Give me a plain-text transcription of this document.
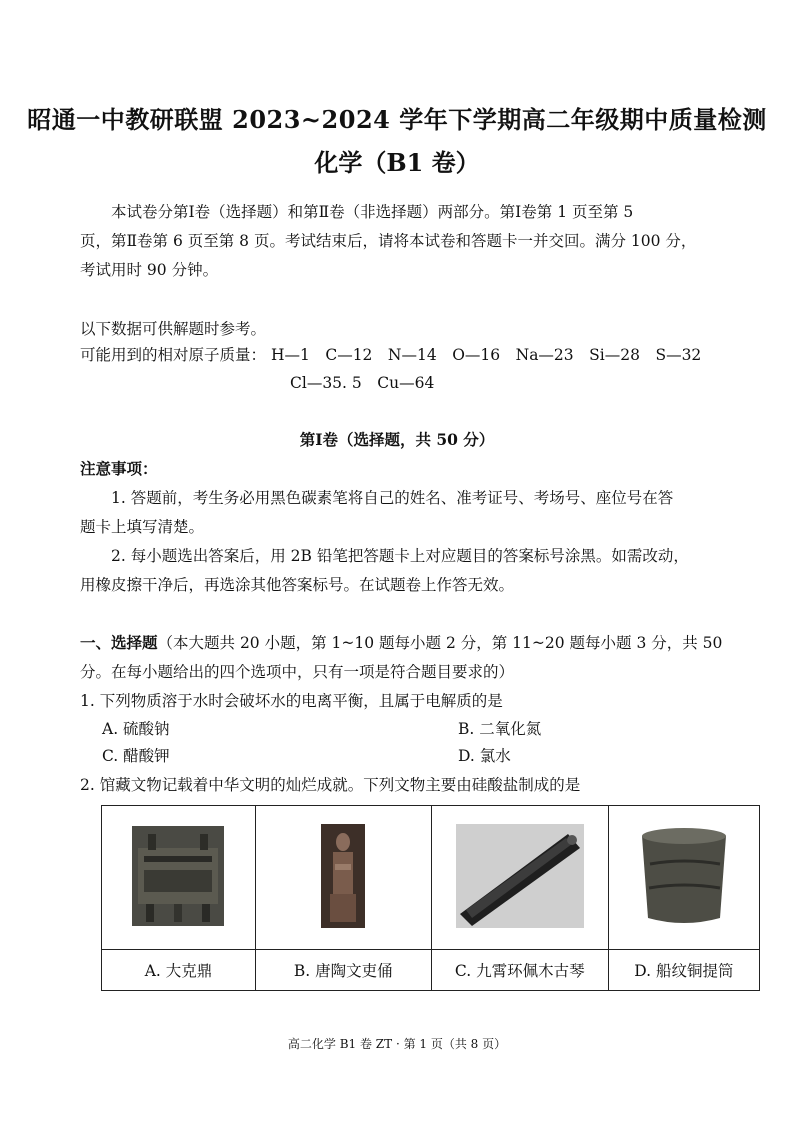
昭通一中教研联盟 2023~2024 学年下学期高二年级期中质量检测
化学（B1 卷）
本试卷分第Ⅰ卷（选择题）和第Ⅱ卷（非选择题）两部分。第Ⅰ卷第 1 页至第 5
页，第Ⅱ卷第 6 页至第 8 页。考试结束后，请将本试卷和答题卡一并交回。满分 100 分，
考试用时 90 分钟。
以下数据可供解题时参考。
可能用到的相对原子质量： H—1　C—12　N—14　O—16　Na—23　Si—28　S—32
Cl—35. 5　Cu—64
第Ⅰ卷（选择题，共 50 分）
注意事项：
1. 答题前，考生务必用黑色碳素笔将自己的姓名、准考证号、考场号、座位号在答
题卡上填写清楚。
2. 每小题选出答案后，用 2B 铅笔把答题卡上对应题目的答案标号涂黑。如需改动，
用橡皮擦干净后，再选涂其他答案标号。在试题卷上作答无效。
一、选择题（本大题共 20 小题，第 1~10 题每小题 2 分，第 11~20 题每小题 3 分，共 50
分。在每小题给出的四个选项中，只有一项是符合题目要求的）
1. 下列物质溶于水时会破坏水的电离平衡，且属于电解质的是
A. 硫酸钠	B. 二氧化氮
C. 醋酸钾	D. 氯水
2. 馆藏文物记载着中华文明的灿烂成就。下列文物主要由硅酸盐制成的是

A. 大克鼎	B. 唐陶文吏俑	C. 九霄环佩木古琴	D. 船纹铜提筒
高二化学 B1 卷 ZT · 第 1 页（共 8 页）
